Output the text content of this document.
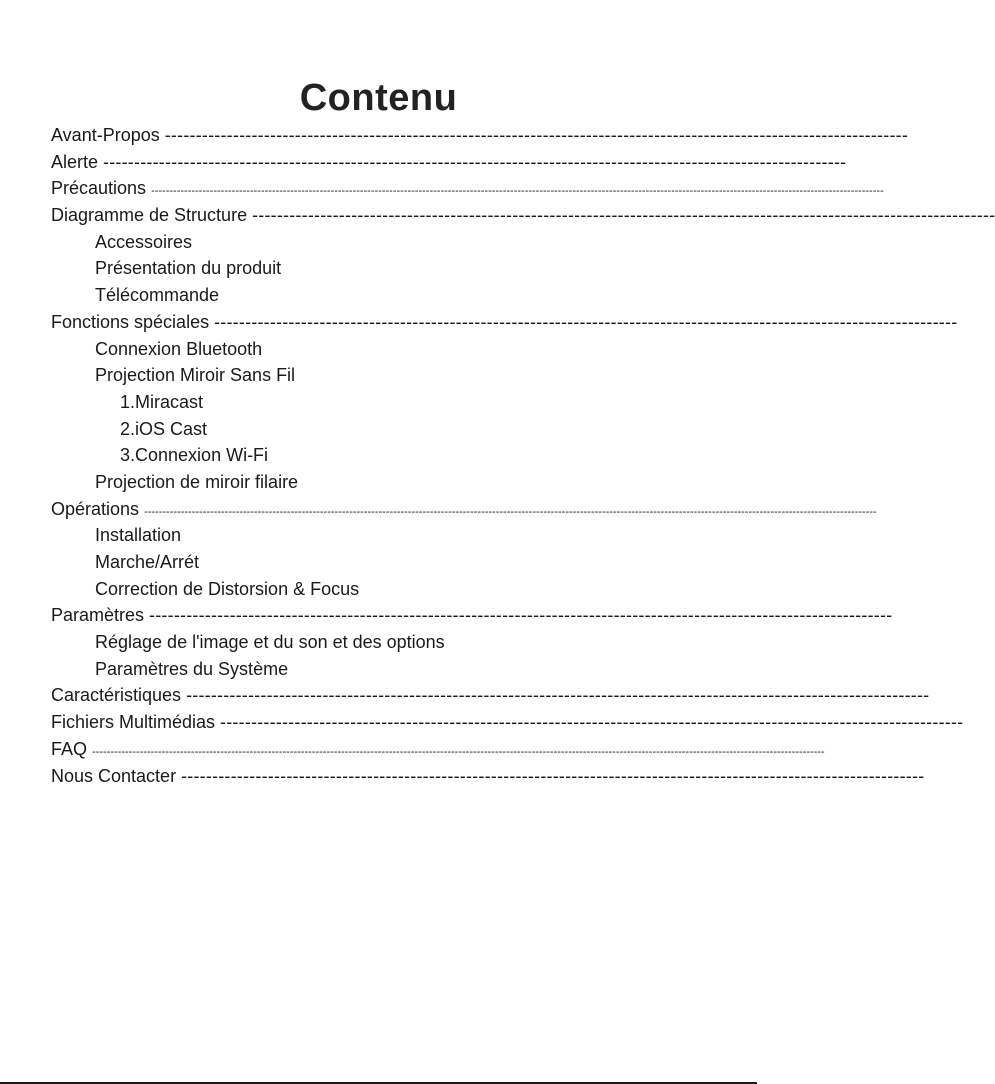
Contenu
Avant-Propos ------------------------------------------------------------------------------------------------------------------------
Alerte ------------------------------------------------------------------------------------------------------------------------
Précautions --------------------------------------------------------------------------------------------------------------------------------------------------------------------------------------------------------
Diagramme de Structure ------------------------------------------------------------------------------------------------------------------------
Accessoires
Présentation du produit
Télécommande
Fonctions spéciales ------------------------------------------------------------------------------------------------------------------------
Connexion Bluetooth
Projection Miroir Sans Fil
1.Miracast
2.iOS Cast
3.Connexion Wi-Fi
Projection de miroir filaire
Opérations --------------------------------------------------------------------------------------------------------------------------------------------------------------------------------------------------------
Installation
Marche/Arrét
Correction de Distorsion & Focus
Paramètres ------------------------------------------------------------------------------------------------------------------------
Réglage de l'image et du son et des options
Paramètres du Système
Caractéristiques ------------------------------------------------------------------------------------------------------------------------
Fichiers Multimédias ------------------------------------------------------------------------------------------------------------------------
FAQ --------------------------------------------------------------------------------------------------------------------------------------------------------------------------------------------------------
Nous Contacter ------------------------------------------------------------------------------------------------------------------------
